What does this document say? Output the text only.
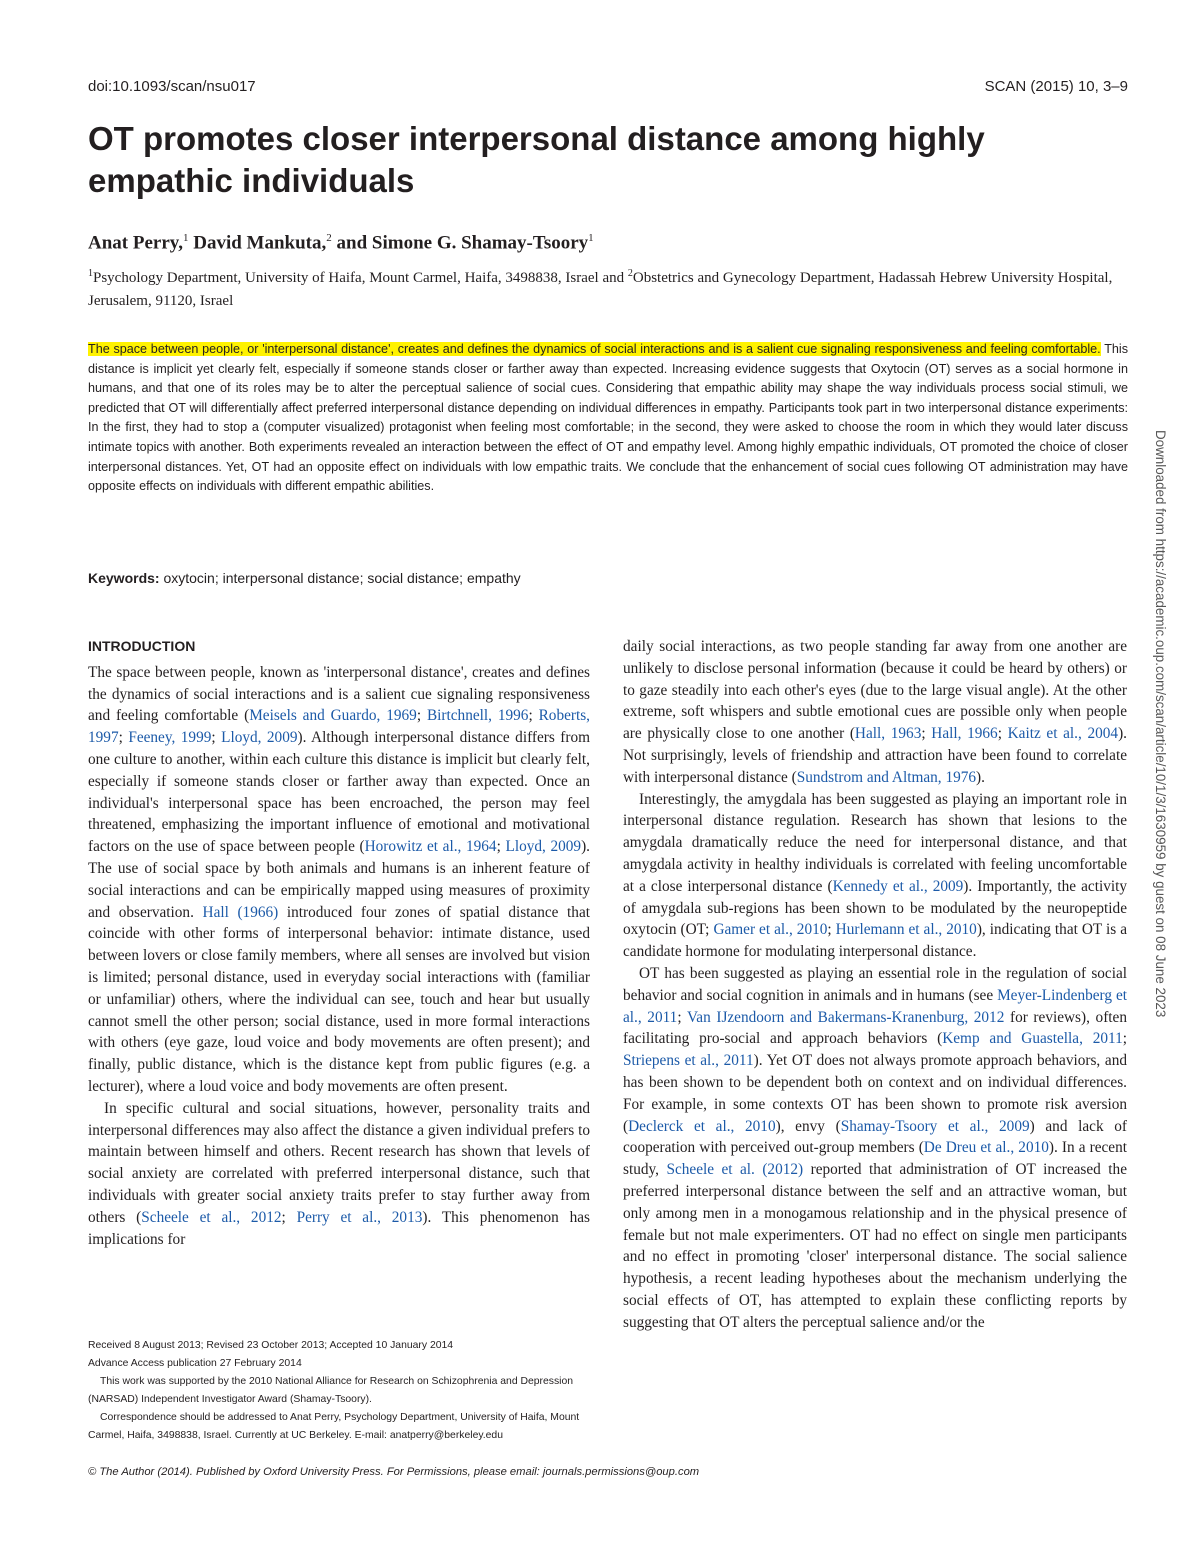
doi:10.1093/scan/nsu017	SCAN (2015) 10, 3–9
OT promotes closer interpersonal distance among highly empathic individuals
Anat Perry,$^1$ David Mankuta,$^2$ and Simone G. Shamay-Tsoory$^1$
$^1$Psychology Department, University of Haifa, Mount Carmel, Haifa, 3498838, Israel and $^2$Obstetrics and Gynecology Department, Hadassah Hebrew University Hospital, Jerusalem, 91120, Israel
The space between people, or 'interpersonal distance', creates and defines the dynamics of social interactions and is a salient cue signaling responsiveness and feeling comfortable. This distance is implicit yet clearly felt, especially if someone stands closer or farther away than expected. Increasing evidence suggests that Oxytocin (OT) serves as a social hormone in humans, and that one of its roles may be to alter the perceptual salience of social cues. Considering that empathic ability may shape the way individuals process social stimuli, we predicted that OT will differentially affect preferred interpersonal distance depending on individual differences in empathy. Participants took part in two interpersonal distance experiments: In the first, they had to stop a (computer visualized) protagonist when feeling most comfortable; in the second, they were asked to choose the room in which they would later discuss intimate topics with another. Both experiments revealed an interaction between the effect of OT and empathy level. Among highly empathic individuals, OT promoted the choice of closer interpersonal distances. Yet, OT had an opposite effect on individuals with low empathic traits. We conclude that the enhancement of social cues following OT administration may have opposite effects on individuals with different empathic abilities.
Keywords: oxytocin; interpersonal distance; social distance; empathy	Downloaded from https://academic.oup.com/scan/article/10/1/3/1630959 by guest on 08 June 2023
INTRODUCTION

The space between people, known as 'interpersonal distance', creates and defines the dynamics of social interactions and is a salient cue signaling responsiveness and feeling comfortable (Meisels and Guardo, 1969; Birtchnell, 1996; Roberts, 1997; Feeney, 1999; Lloyd, 2009). Although interpersonal distance differs from one culture to another, within each culture this distance is implicit but clearly felt, especially if someone stands closer or farther away than expected. Once an individual's interpersonal space has been encroached, the person may feel threatened, emphasizing the important influence of emotional and motivational factors on the use of space between people (Horowitz et al., 1964; Lloyd, 2009). The use of social space by both animals and humans is an inherent feature of social interactions and can be empirically mapped using measures of proximity and observation. Hall (1966) introduced four zones of spatial distance that coincide with other forms of interpersonal behavior: intimate distance, used between lovers or close family members, where all senses are involved but vision is limited; personal distance, used in everyday social interactions with (familiar or unfamiliar) others, where the individual can see, touch and hear but usually cannot smell the other person; social distance, used in more formal interactions with others (eye gaze, loud voice and body movements are often present); and finally, public distance, which is the distance kept from public figures (e.g. a lecturer), where a loud voice and body movements are often present.

In specific cultural and social situations, however, personality traits and interpersonal differences may also affect the distance a given individual prefers to maintain between himself and others. Recent research has shown that levels of social anxiety are correlated with preferred interpersonal distance, such that individuals with greater social anxiety traits prefer to stay further away from others (Scheele et al., 2012; Perry et al., 2013). This phenomenon has implications for

daily social interactions, as two people standing far away from one another are unlikely to disclose personal information (because it could be heard by others) or to gaze steadily into each other's eyes (due to the large visual angle). At the other extreme, soft whispers and subtle emotional cues are possible only when people are physically close to one another (Hall, 1963; Hall, 1966; Kaitz et al., 2004). Not surprisingly, levels of friendship and attraction have been found to correlate with interpersonal distance (Sundstrom and Altman, 1976).

Interestingly, the amygdala has been suggested as playing an important role in interpersonal distance regulation. Research has shown that lesions to the amygdala dramatically reduce the need for interpersonal distance, and that amygdala activity in healthy individuals is correlated with feeling uncomfortable at a close interpersonal distance (Kennedy et al., 2009). Importantly, the activity of amygdala sub-regions has been shown to be modulated by the neuropeptide oxytocin (OT; Gamer et al., 2010; Hurlemann et al., 2010), indicating that OT is a candidate hormone for modulating interpersonal distance.

OT has been suggested as playing an essential role in the regulation of social behavior and social cognition in animals and in humans (see Meyer-Lindenberg et al., 2011; Van IJzendoorn and Bakermans-Kranenburg, 2012 for reviews), often facilitating pro-social and approach behaviors (Kemp and Guastella, 2011; Striepens et al., 2011). Yet OT does not always promote approach behaviors, and has been shown to be dependent both on context and on individual differences. For example, in some contexts OT has been shown to promote risk aversion (Declerck et al., 2010), envy (Shamay-Tsoory et al., 2009) and lack of cooperation with perceived out-group members (De Dreu et al., 2010). In a recent study, Scheele et al. (2012) reported that administration of OT increased the preferred interpersonal distance between the self and an attractive woman, but only among men in a monogamous relationship and in the physical presence of female but not male experimenters. OT had no effect on single men participants and no effect in promoting 'closer' interpersonal distance. The social salience hypothesis, a recent leading hypotheses about the mechanism underlying the social effects of OT, has attempted to explain these conflicting reports by suggesting that OT alters the perceptual salience and/or the

Received 8 August 2013; Revised 23 October 2013; Accepted 10 January 2014

Advance Access publication 27 February 2014

This work was supported by the 2010 National Alliance for Research on Schizophrenia and Depression (NARSAD) Independent Investigator Award (Shamay-Tsoory).

Correspondence should be addressed to Anat Perry, Psychology Department, University of Haifa, Mount Carmel, Haifa, 3498838, Israel. Currently at UC Berkeley. E-mail: anatperry@berkeley.edu

© The Author (2014). Published by Oxford University Press. For Permissions, please email: journals.permissions@oup.com
